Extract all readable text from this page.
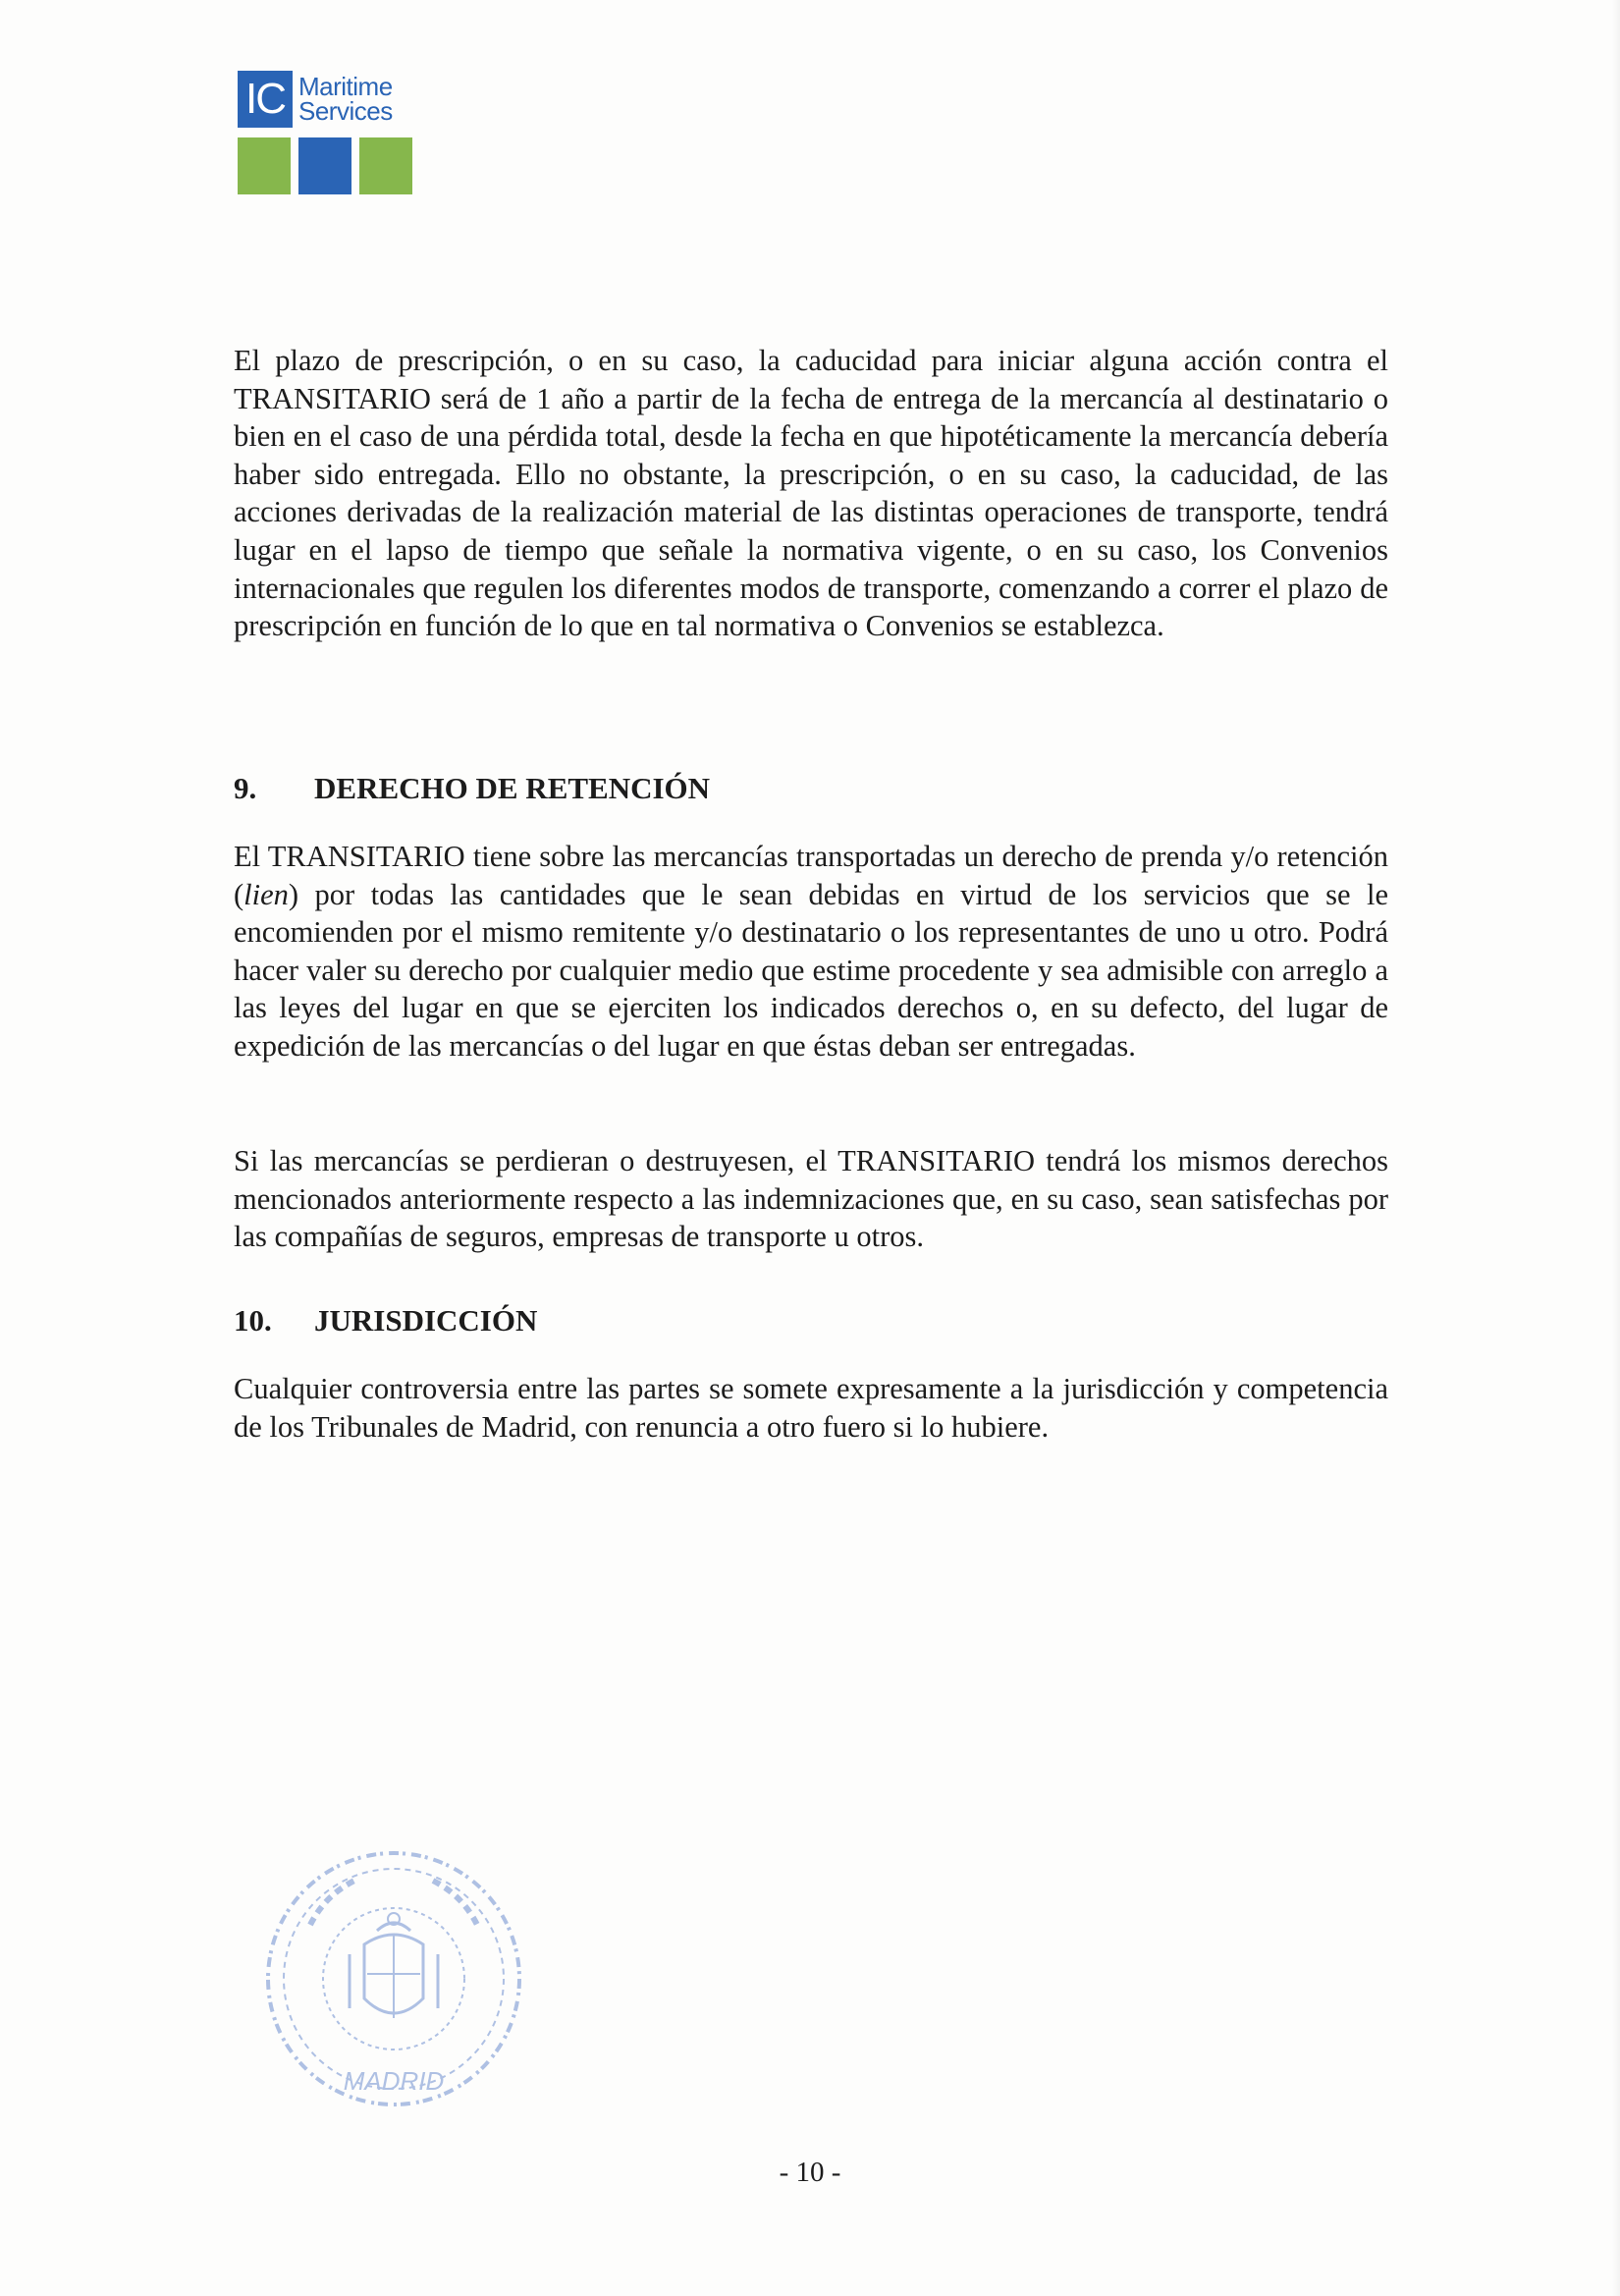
IC Maritime
Services

El plazo de prescripción, o en su caso, la caducidad para iniciar alguna acción contra el TRANSITARIO será de 1 año a partir de la fecha de entrega de la mercancía al destinatario o bien en el caso de una pérdida total, desde la fecha en que hipotéticamente la mercancía debería haber sido entregada. Ello no obstante, la prescripción, o en su caso, la caducidad, de las acciones derivadas de la realización material de las distintas operaciones de transporte, tendrá lugar en el lapso de tiempo que señale la normativa vigente, o en su caso, los Convenios internacionales que regulen los diferentes modos de transporte, comenzando a correr el plazo de prescripción en función de lo que en tal normativa o Convenios se establezca.

9. DERECHO DE RETENCIÓN

El TRANSITARIO tiene sobre las mercancías transportadas un derecho de prenda y/o retención (lien) por todas las cantidades que le sean debidas en virtud de los servicios que se le encomienden por el mismo remitente y/o destinatario o los representantes de uno u otro. Podrá hacer valer su derecho por cualquier medio que estime procedente y sea admisible con arreglo a las leyes del lugar en que se ejerciten los indicados derechos o, en su defecto, del lugar de expedición de las mercancías o del lugar en que éstas deban ser entregadas.

Si las mercancías se perdieran o destruyesen, el TRANSITARIO tendrá los mismos derechos mencionados anteriormente respecto a las indemnizaciones que, en su caso, sean satisfechas por las compañías de seguros, empresas de transporte u otros.

10. JURISDICCIÓN

Cualquier controversia entre las partes se somete expresamente a la jurisdicción y competencia de los Tribunales de Madrid, con renuncia a otro fuero si lo hubiere.

MADRID
- 10 -
